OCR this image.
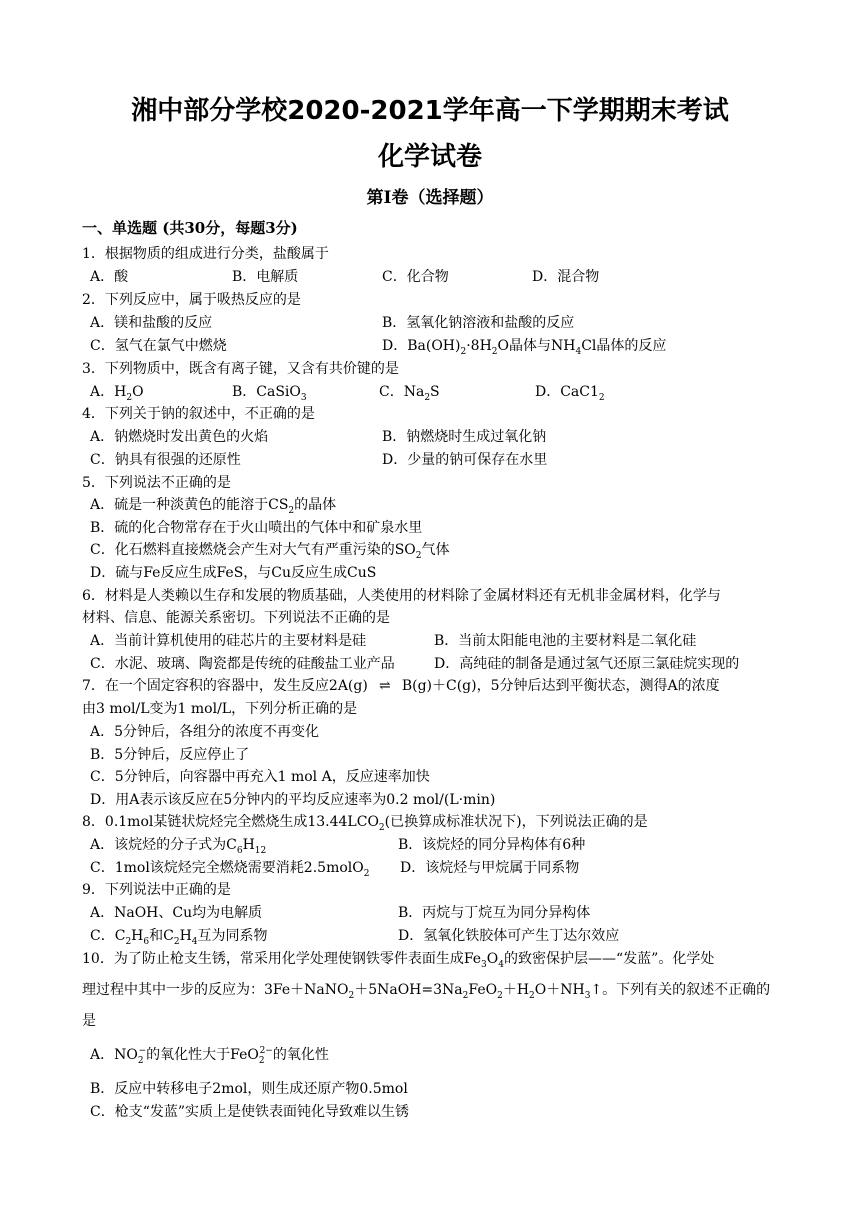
湘中部分学校2020-2021学年高一下学期期末考试
化学试卷
第Ⅰ卷（选择题）
一、单选题 (共30分，每题3分)
1．根据物质的组成进行分类，盐酸属于
A．酸	B．电解质	C．化合物	D．混合物
2．下列反应中，属于吸热反应的是
A．镁和盐酸的反应	B．氢氧化钠溶液和盐酸的反应
C．氢气在氯气中燃烧	D．$Ba(OH)_2\cdot 8H_2O$晶体与$NH_4Cl$晶体的反应
3．下列物质中，既含有离子键，又含有共价键的是
A．$H_2O$	B．CaSiO$_3$	C．$Na_2S$	D．$CaC1_2$
4．下列关于钠的叙述中，不正确的是
A．钠燃烧时发出黄色的火焰	B．钠燃烧时生成过氧化钠
C．钠具有很强的还原性	D．少量的钠可保存在水里
5．下列说法不正确的是
A．硫是一种淡黄色的能溶于$CS_2$的晶体
B．硫的化合物常存在于火山喷出的气体中和矿泉水里
C．化石燃料直接燃烧会产生对大气有严重污染的$SO_2$气体
D．硫与Fe反应生成FeS，与Cu反应生成CuS
6．材料是人类赖以生存和发展的物质基础，人类使用的材料除了金属材料还有无机非金属材料，化学与
材料、信息、能源关系密切。下列说法不正确的是
A．当前计算机使用的硅芯片的主要材料是硅	B．当前太阳能电池的主要材料是二氧化硅
C．水泥、玻璃、陶瓷都是传统的硅酸盐工业产品	D．高纯硅的制备是通过氢气还原三氯硅烷实现的
7．在一个固定容积的容器中，发生反应2A(g) ⇌ B(g)＋C(g)，5分钟后达到平衡状态，测得A的浓度
由3 mol/L变为1 mol/L，下列分析正确的是
A．5分钟后，各组分的浓度不再变化
B．5分钟后，反应停止了
C．5分钟后，向容器中再充入1 mol A，反应速率加快
D．用A表示该反应在5分钟内的平均反应速率为0.2 mol/(L·min)
8．0.1mol某链状烷烃完全燃烧生成$13.44LCO_2$(已换算成标准状况下)，下列说法正确的是
A．该烷烃的分子式为$C_6H_{12}$	B．该烷烃的同分异构体有6种
C．1mol该烷烃完全燃烧需要消耗2.5molO$_2$ D．该烷烃与甲烷属于同系物
9．下列说法中正确的是
A．NaOH、Cu均为电解质	B．丙烷与丁烷互为同分异构体
C．$C_2H_6$和$C_2H_4$互为同系物	D．氢氧化铁胶体可产生丁达尔效应
10．为了防止枪支生锈，常采用化学处理使钢铁零件表面生成$Fe_3O_4$的致密保护层——“发蓝”。化学处
理过程中其中一步的反应为：$3Fe+NaNO_2+5NaOH=3Na_2FeO_2+H_2O+NH_3↑$。下列有关的叙述不正确的
是
A．$NO_2^-$的氧化性大于FeO$_2^{2-}$的氧化性
B．反应中转移电子2mol，则生成还原产物0.5mol
C．枪支“发蓝”实质上是使铁表面钝化导致难以生锈
